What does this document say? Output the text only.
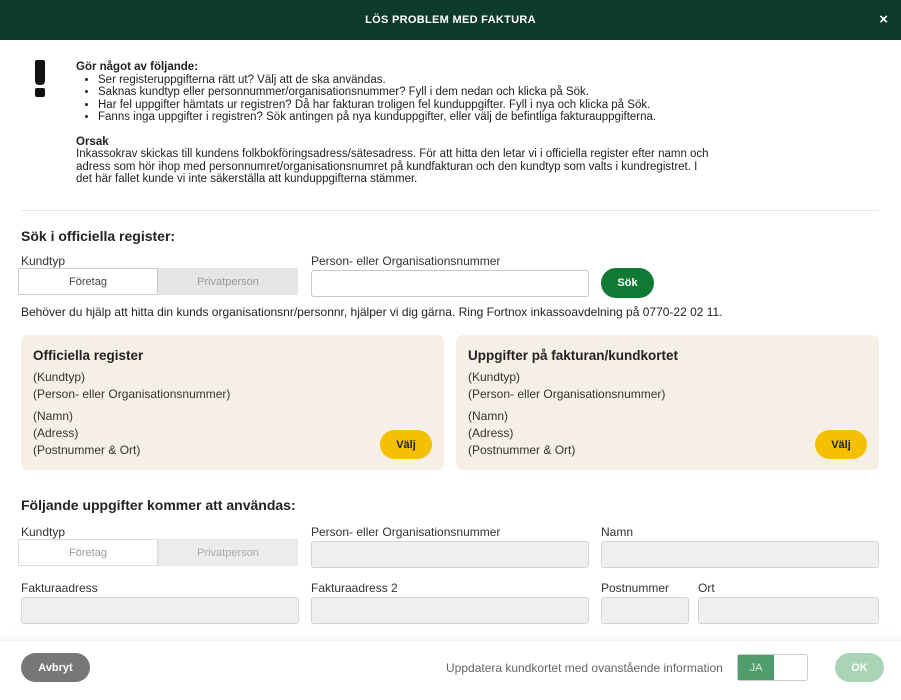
LÖS PROBLEM MED FAKTURA	×
Gör något av följande:
• Ser registeruppgifterna rätt ut? Välj att de ska användas.
• Saknas kundtyp eller personnummer/organisationsnummer? Fyll i dem nedan och klicka på Sök.
• Har fel uppgifter hämtats ur registren? Då har fakturan troligen fel kunduppgifter. Fyll i nya och klicka på Sök.
• Fanns inga uppgifter i registren? Sök antingen på nya kunduppgifter, eller välj de befintliga fakturauppgifterna.
Orsak
Inkassokrav skickas till kundens folkbokföringsadress/sätesadress. För att hitta den letar vi i officiella register efter namn och adress som hör ihop med personnumret/organisationsnumret på kundfakturan och den kundtyp som valts i kundregistret. I det här fallet kunde vi inte säkerställa att kunduppgifterna stämmer.
Sök i officiella register:
Kundtyp
Företag	Privatperson
Person- eller Organisationsnummer
Sök
Behöver du hjälp att hitta din kunds organisationsnr/personnr, hjälper vi dig gärna. Ring Fortnox inkassoavdelning på 0770-22 02 11.
Officiella register
(Kundtyp)
(Person- eller Organisationsnummer)
(Namn)
(Adress)
(Postnummer & Ort)	Välj
Uppgifter på fakturan/kundkortet
(Kundtyp)
(Person- eller Organisationsnummer)
(Namn)
(Adress)
(Postnummer & Ort)	Välj
Följande uppgifter kommer att användas:
Kundtyp
Företag	Privatperson
Person- eller Organisationsnummer	Namn
Fakturaadress	Fakturaadress 2	Postnummer Ort
Avbryt	Uppdatera kundkortet med ovanstående information	JA	OK
